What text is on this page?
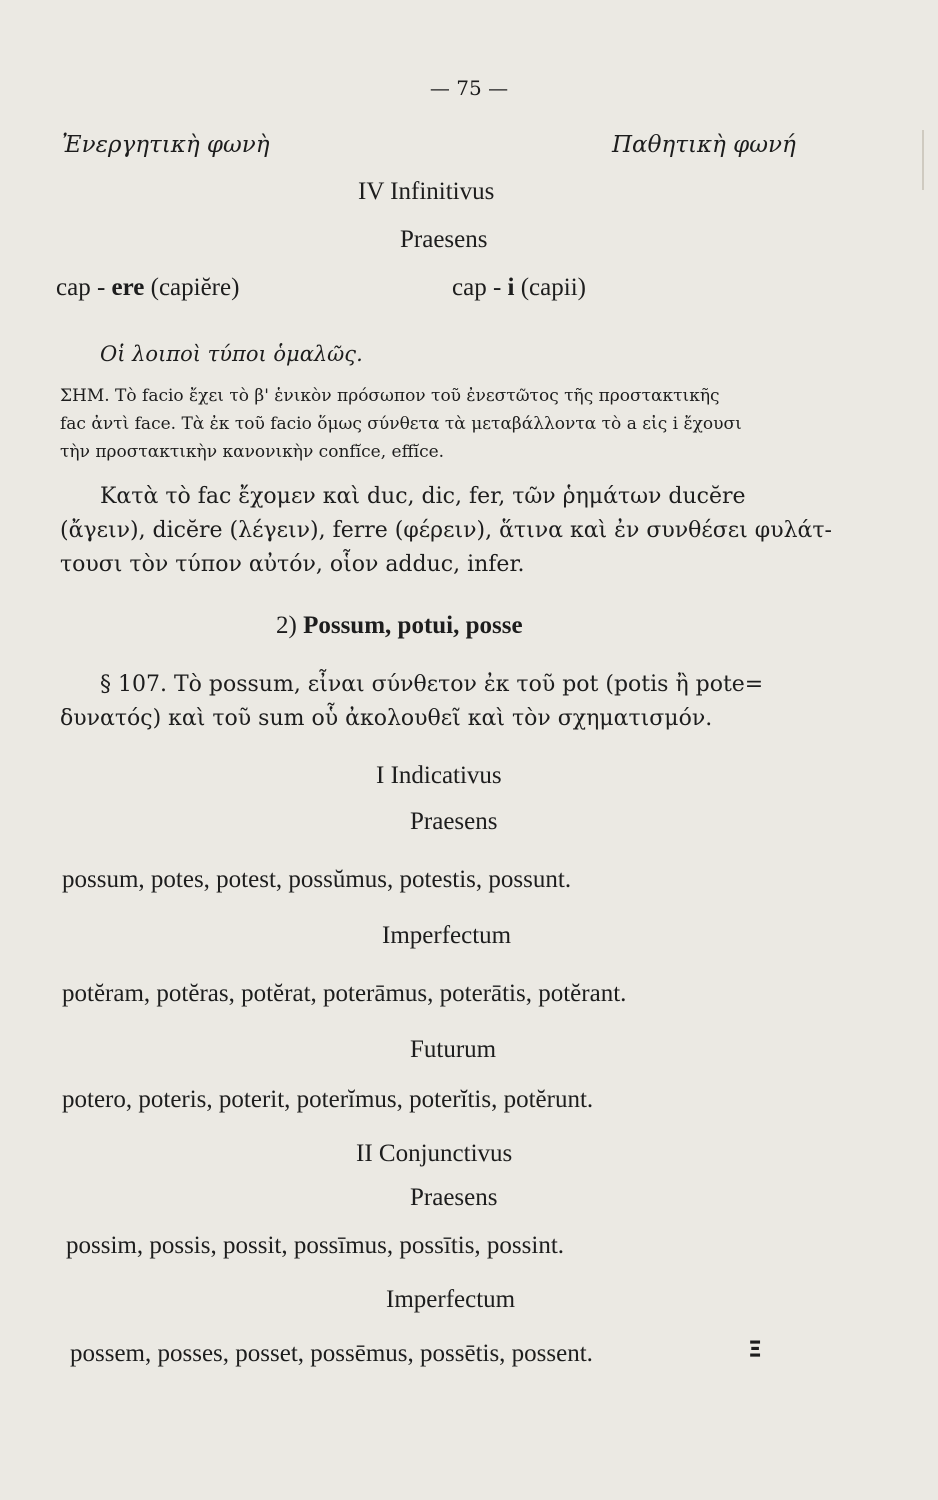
— 75 —
Ἐνεργητικὴ φωνὴ	Παθητικὴ φωνή
IV Infinitivus
Praesens
cap - ere (capiĕre)	cap - i (capii)
Οἱ λοιποὶ τύποι ὁμαλῶς.
ΣΗΜ. Τὸ facio ἔχει τὸ β' ἑνικὸν πρόσωπον τοῦ ἐνεστῶτος τῆς προστακτικῆς
fac ἀντὶ face. Τὰ ἐκ τοῦ facio ὅμως σύνθετα τὰ μεταβάλλοντα τὸ a εἰς i ἔχουσι
τὴν προστακτικὴν κανονικὴν confĭce, effĭce.
Κατὰ τὸ fac ἔχομεν καὶ duc, dic, fer, τῶν ῥημάτων ducĕre
(ἄγειν), dicĕre (λέγειν), ferre (φέρειν), ἅτινα καὶ ἐν συνθέσει φυλάτ-
τουσι τὸν τύπον αὐτόν, οἷον adduc, infer.
2) Possum, potui, posse
§ 107. Τὸ possum, εἶναι σύνθετον ἐκ τοῦ pot (potis ἢ pote=
δυνατός) καὶ τοῦ sum οὗ ἀκολουθεῖ καὶ τὸν σχηματισμόν.
I Indicativus
Praesens
possum, potes, potest, possŭmus, potestis, possunt.
Imperfectum
potĕram, potĕras, potĕrat, poterāmus, poterātis, potĕrant.
Futurum
potero, poteris, poterit, poterĭmus, poterĭtis, potĕrunt.
II Conjunctivus
Praesens
possim, possis, possit, possīmus, possītis, possint.
Imperfectum
possem, posses, posset, possēmus, possētis, possent.	Ξ
